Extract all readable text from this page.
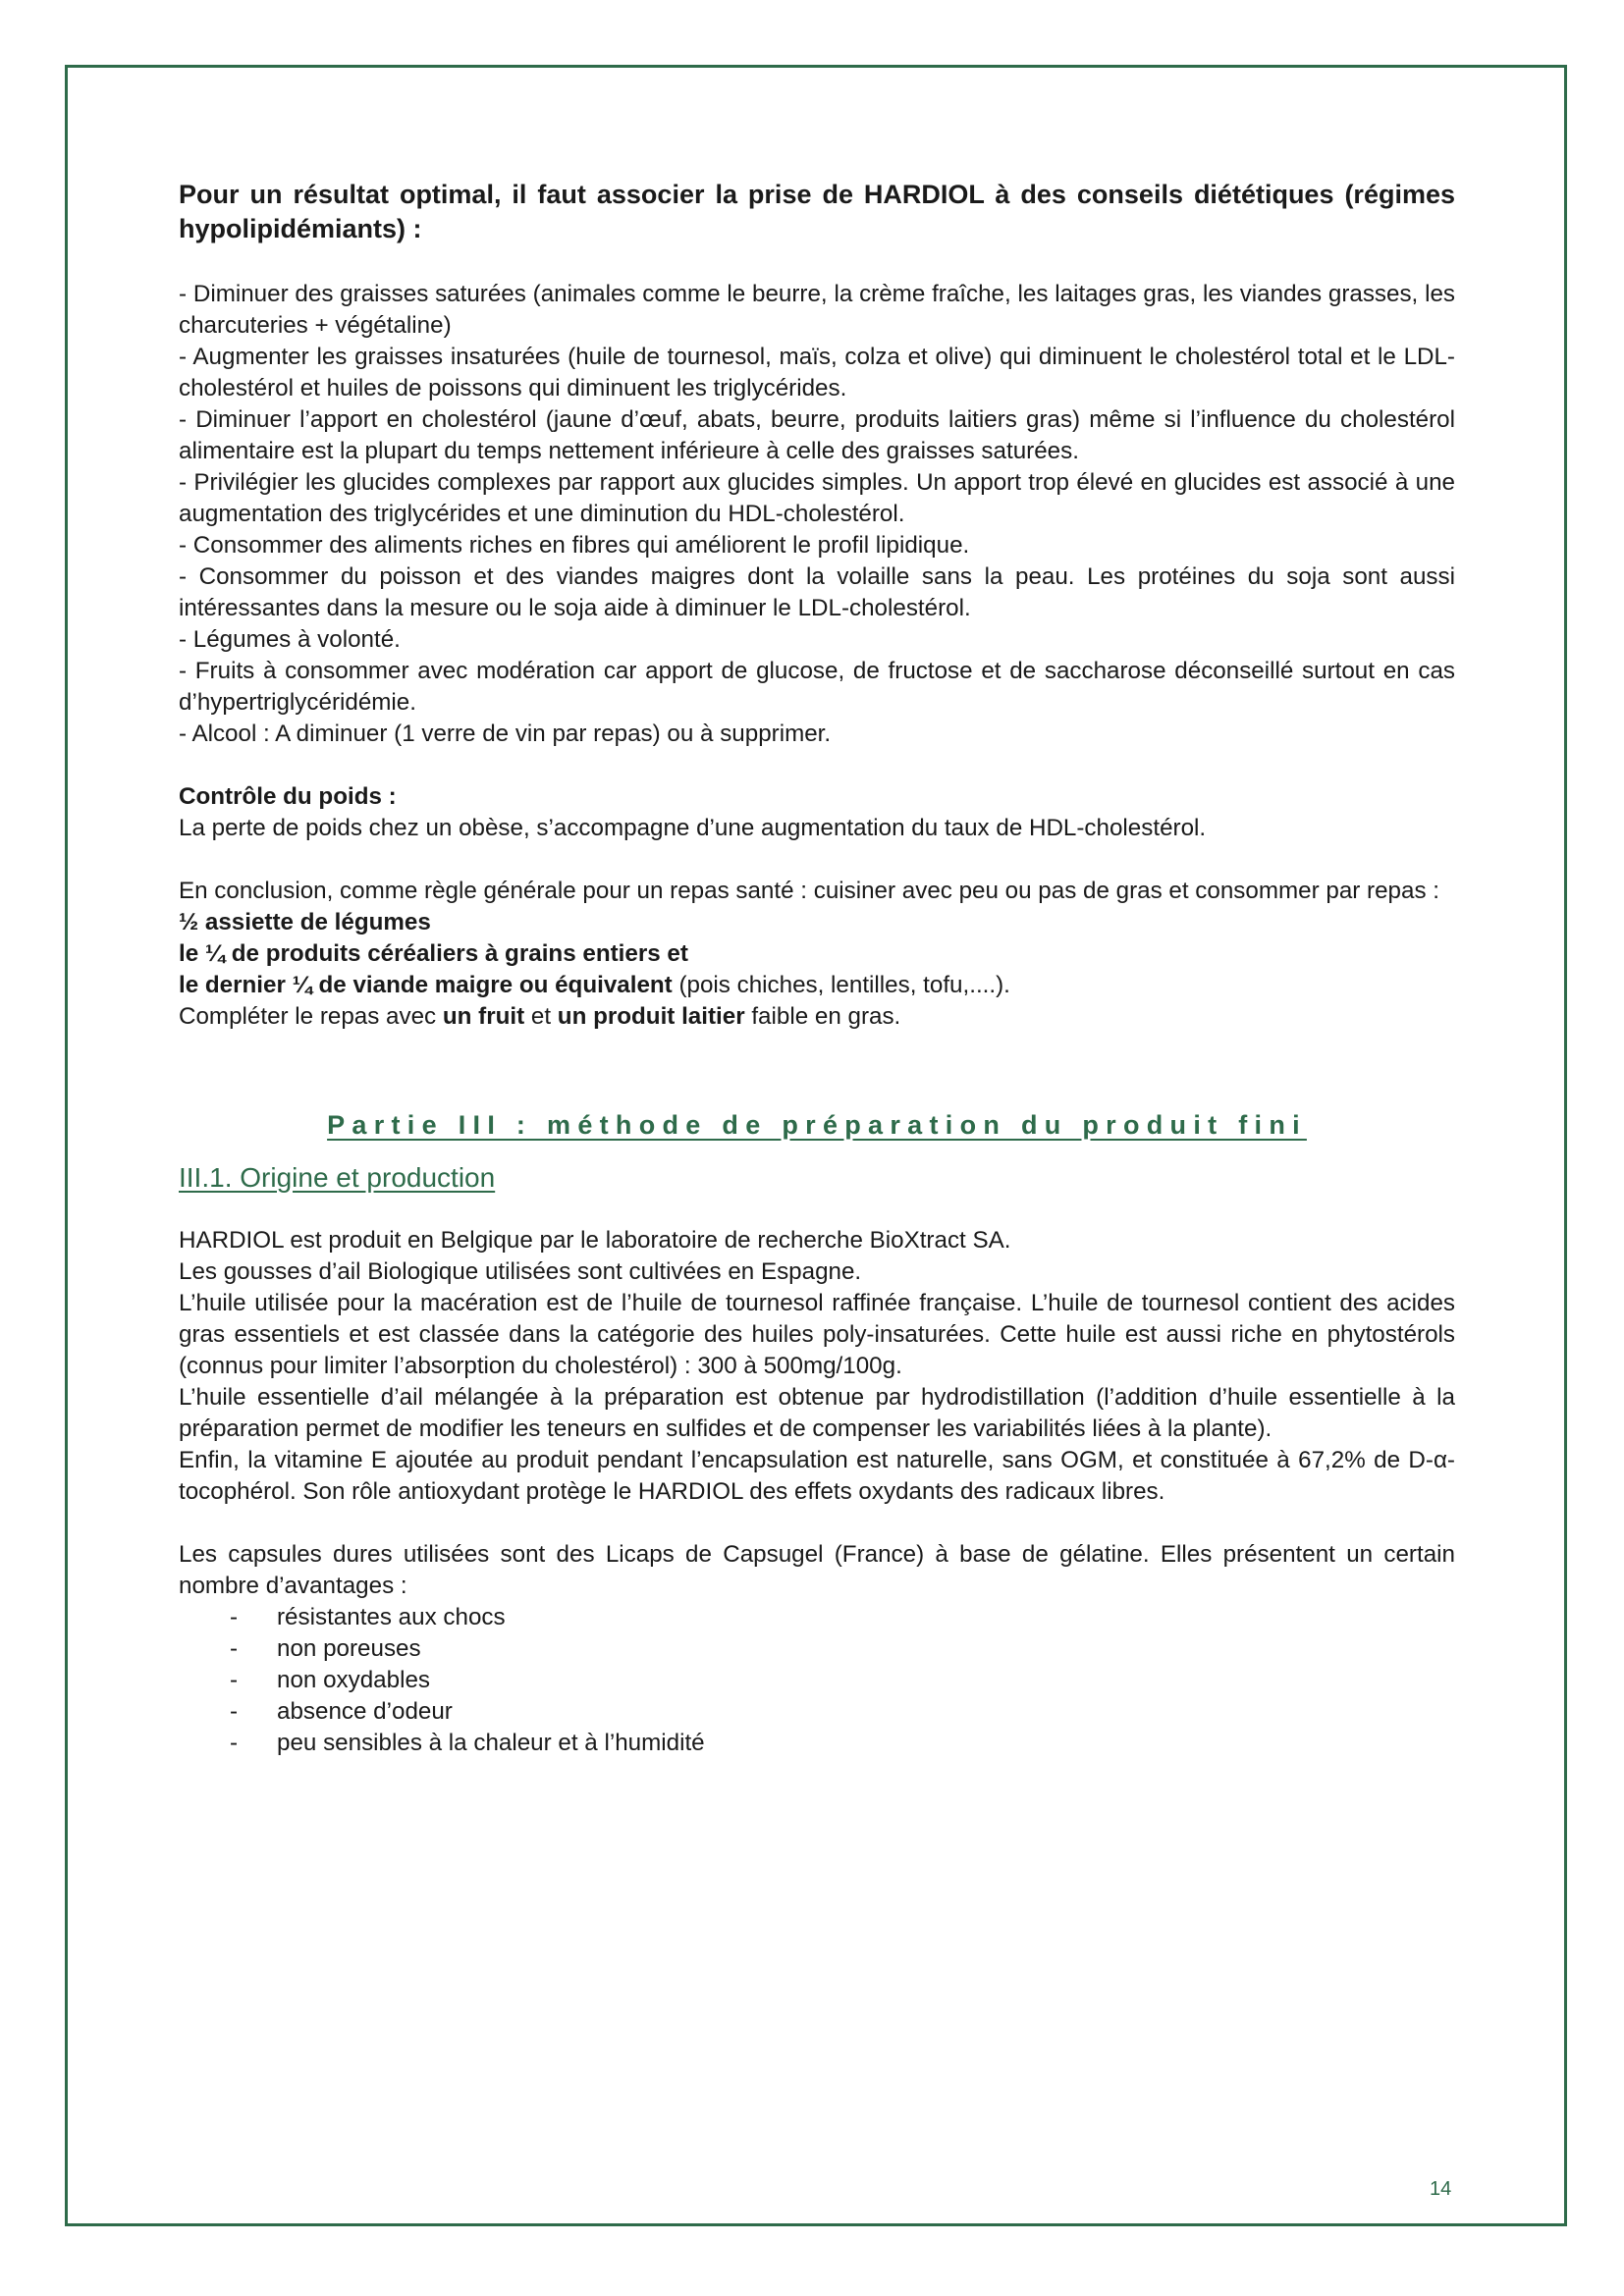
Pour un résultat optimal, il faut associer la prise de HARDIOL à des conseils diététiques (régimes hypolipidémiants) :

- Diminuer des graisses saturées (animales comme le beurre, la crème fraîche, les laitages gras, les viandes grasses, les charcuteries + végétaline)

- Augmenter les graisses insaturées (huile de tournesol, maïs, colza et olive) qui diminuent le cholestérol total et le LDL-cholestérol et huiles de poissons qui diminuent les triglycérides.

- Diminuer l’apport en cholestérol (jaune d’œuf, abats, beurre, produits laitiers gras) même si l’influence du cholestérol alimentaire est la plupart du temps nettement inférieure à celle des graisses saturées.

- Privilégier les glucides complexes par rapport aux glucides simples. Un apport trop élevé en glucides est associé à une augmentation des triglycérides et une diminution du HDL-cholestérol.

- Consommer des aliments riches en fibres qui améliorent le profil lipidique.

- Consommer du poisson et des viandes maigres dont la volaille sans la peau. Les protéines du soja sont aussi intéressantes dans la mesure ou le soja aide à diminuer le LDL-cholestérol.

- Légumes à volonté.

- Fruits à consommer avec modération car apport de glucose, de fructose et de saccharose déconseillé surtout en cas d’hypertriglycéridémie.

- Alcool : A diminuer (1 verre de vin par repas) ou à supprimer.

Contrôle du poids :

La perte de poids chez un obèse, s’accompagne d’une augmentation du taux de HDL-cholestérol.

En conclusion, comme règle générale pour un repas santé : cuisiner avec peu ou pas de gras et consommer par repas :

½ assiette de légumes

le ¼ de produits céréaliers à grains entiers et

le dernier ¼ de viande maigre ou équivalent (pois chiches, lentilles, tofu,....).

Compléter le repas avec un fruit et un produit laitier faible en gras.

Partie III : méthode de préparation du produit fini

III.1. Origine et production

HARDIOL est produit en Belgique par le laboratoire de recherche BioXtract SA.

Les gousses d’ail Biologique utilisées sont cultivées en Espagne.

L’huile utilisée pour la macération est de l’huile de tournesol raffinée française. L’huile de tournesol contient des acides gras essentiels et est classée dans la catégorie des huiles poly-insaturées. Cette huile est aussi riche en phytostérols (connus pour limiter l’absorption du cholestérol) : 300 à 500mg/100g.

L’huile essentielle d’ail mélangée à la préparation est obtenue par hydrodistillation (l’addition d’huile essentielle à la préparation permet de modifier les teneurs en sulfides et de compenser les variabilités liées à la plante).

Enfin, la vitamine E ajoutée au produit pendant l’encapsulation est naturelle, sans OGM, et constituée à 67,2% de D-α-tocophérol. Son rôle antioxydant protège le HARDIOL des effets oxydants des radicaux libres.

Les capsules dures utilisées sont des Licaps de Capsugel (France) à base de gélatine. Elles présentent un certain nombre d’avantages :

- résistantes aux chocs
- non poreuses
- non oxydables
- absence d’odeur
- peu sensibles à la chaleur et à l’humidité
14
